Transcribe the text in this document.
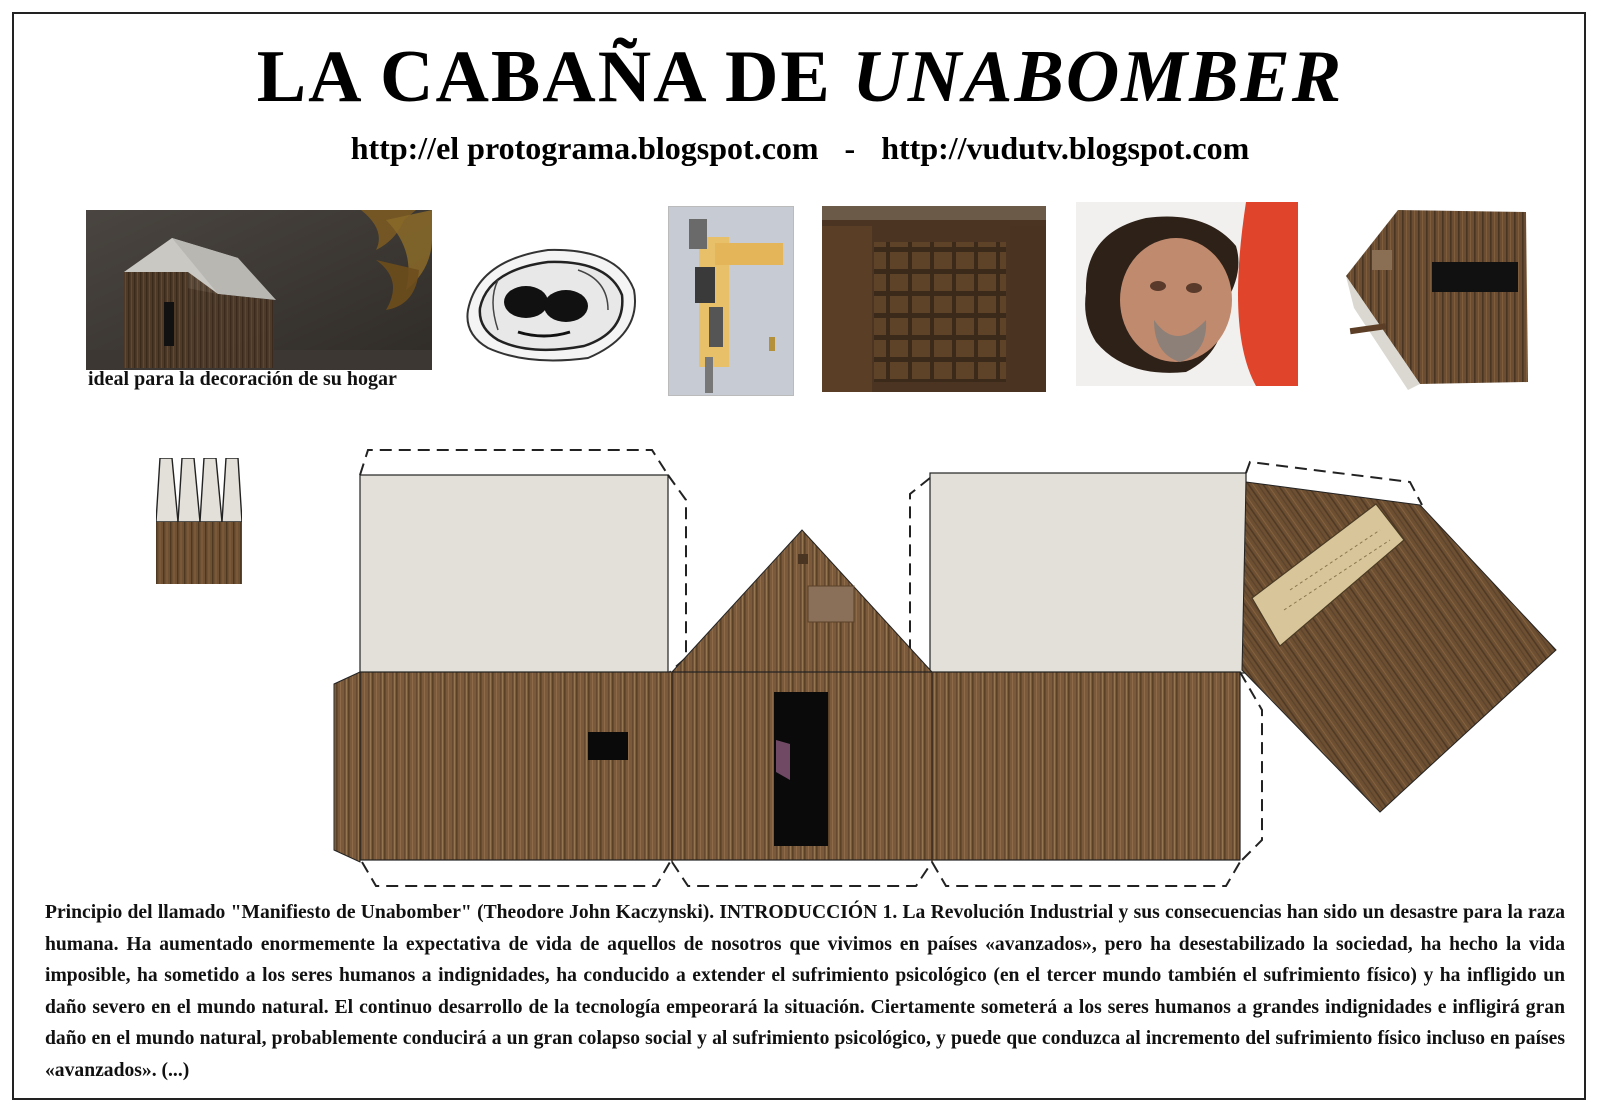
LA CABAÑA DE UNABOMBER
http://el protograma.blogspot.com - http://vudutv.blogspot.com
ideal para la decoración de su hogar
Principio del llamado "Manifiesto de Unabomber" (Theodore John Kaczynski). INTRODUCCIÓN 1. La Revolución Industrial y sus consecuencias han sido un desastre para la raza humana. Ha aumentado enormemente la expectativa de vida de aquellos de nosotros que vivimos en países «avanzados», pero ha desestabilizado la sociedad, ha hecho la vida imposible, ha sometido a los seres humanos a indignidades, ha conducido a extender el sufrimiento psicológico (en el tercer mundo también el sufrimiento físico) y ha infligido un daño severo en el mundo natural. El continuo desarrollo de la tecnología empeorará la situación. Ciertamente someterá a los seres humanos a grandes indignidades e infligirá gran daño en el mundo natural, probablemente conducirá a un gran colapso social y al sufrimiento psicológico, y puede que conduzca al incremento del sufrimiento físico incluso en países «avanzados». (...)
